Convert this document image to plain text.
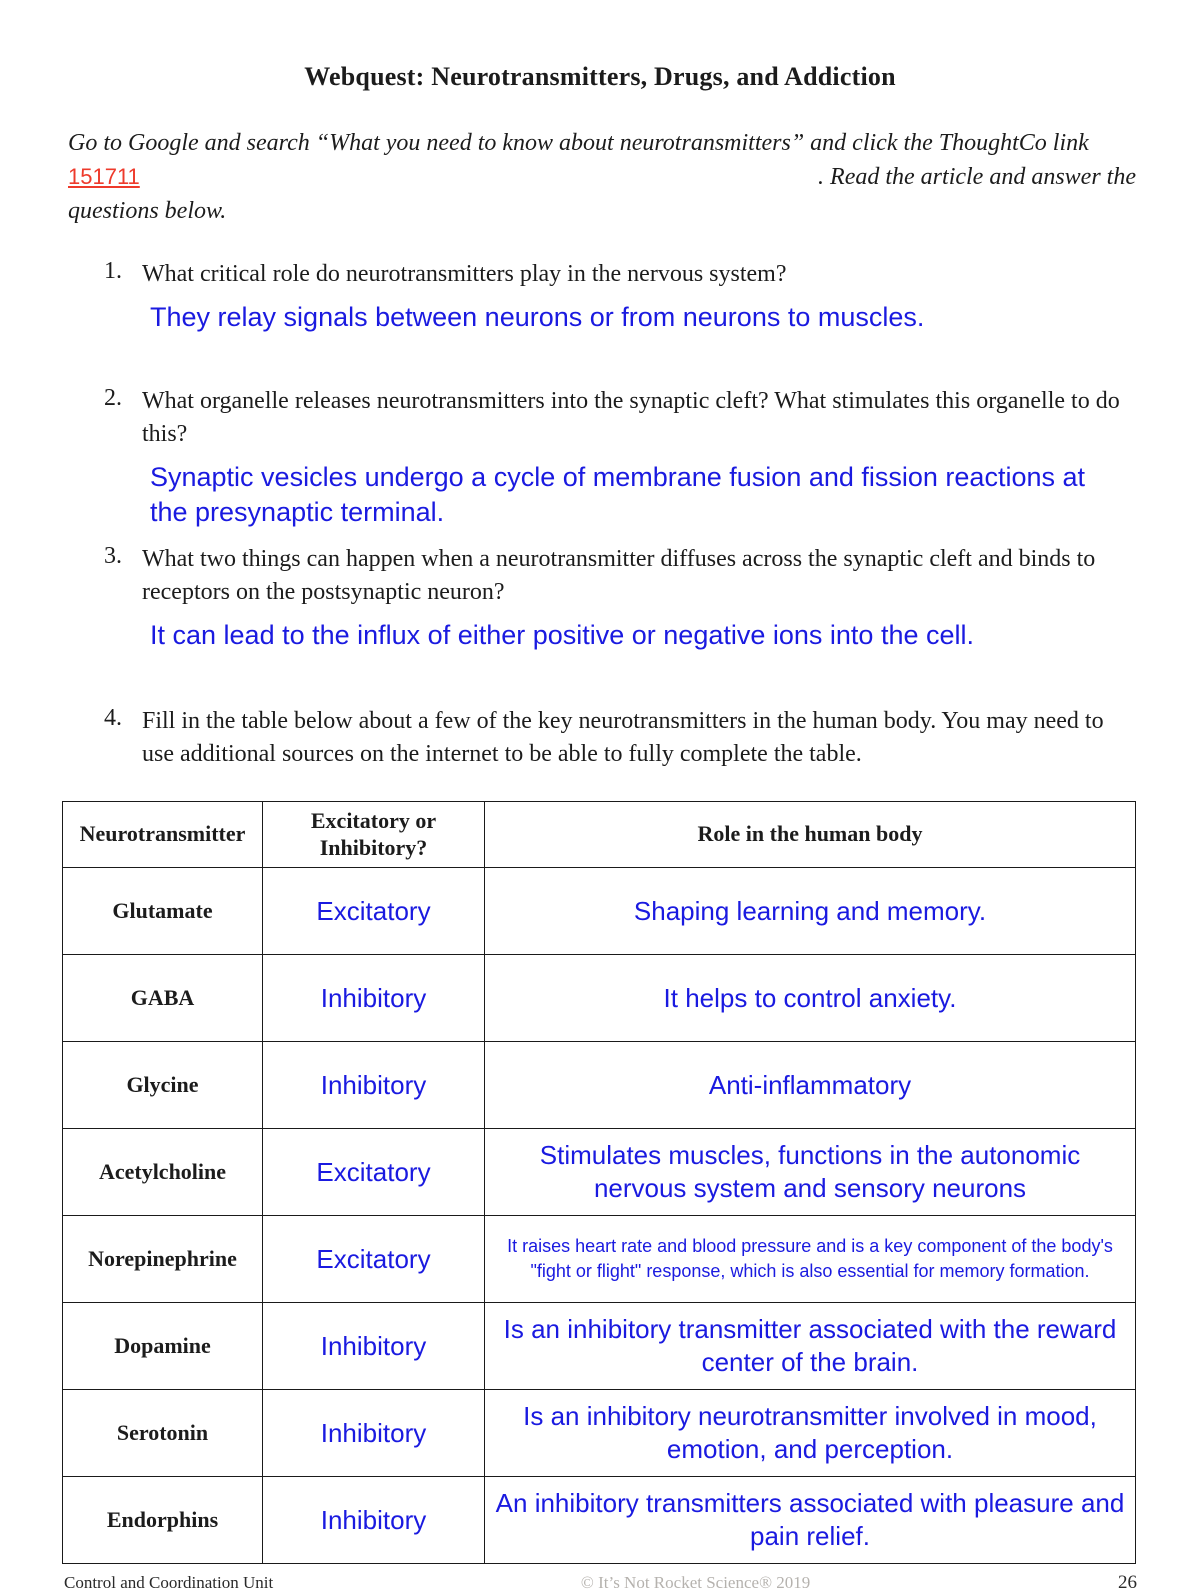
Webquest: Neurotransmitters, Drugs, and Addiction
Go to Google and search “What you need to know about neurotransmitters” and click the ThoughtCo link
151711	. Read the article and answer the
questions below.
1. What critical role do neurotransmitters play in the nervous system?

They relay signals between neurons or from neurons to muscles.

2. What organelle releases neurotransmitters into the synaptic cleft? What stimulates this organelle to do this?

Synaptic vesicles undergo a cycle of membrane fusion and fission reactions at the presynaptic terminal.

3. What two things can happen when a neurotransmitter diffuses across the synaptic cleft and binds to receptors on the postsynaptic neuron?

It can lead to the influx of either positive or negative ions into the cell.

4. Fill in the table below about a few of the key neurotransmitters in the human body. You may need to use additional sources on the internet to be able to fully complete the table.

Neurotransmitter	Excitatory or Inhibitory?	Role in the human body
Glutamate	Excitatory	Shaping learning and memory.
GABA	Inhibitory	It helps to control anxiety.
Glycine	Inhibitory	Anti-inflammatory
Acetylcholine	Excitatory	Stimulates muscles, functions in the autonomic nervous system and sensory neurons
Norepinephrine	Excitatory	It raises heart rate and blood pressure and is a key component of the body's "fight or flight" response, which is also essential for memory formation.
Dopamine	Inhibitory	Is an inhibitory transmitter associated with the reward center of the brain.
Serotonin	Inhibitory	Is an inhibitory neurotransmitter involved in mood, emotion, and perception.
Endorphins	Inhibitory	An inhibitory transmitters associated with pleasure and pain relief.
Control and Coordination Unit	© It’s Not Rocket Science® 2019	26
